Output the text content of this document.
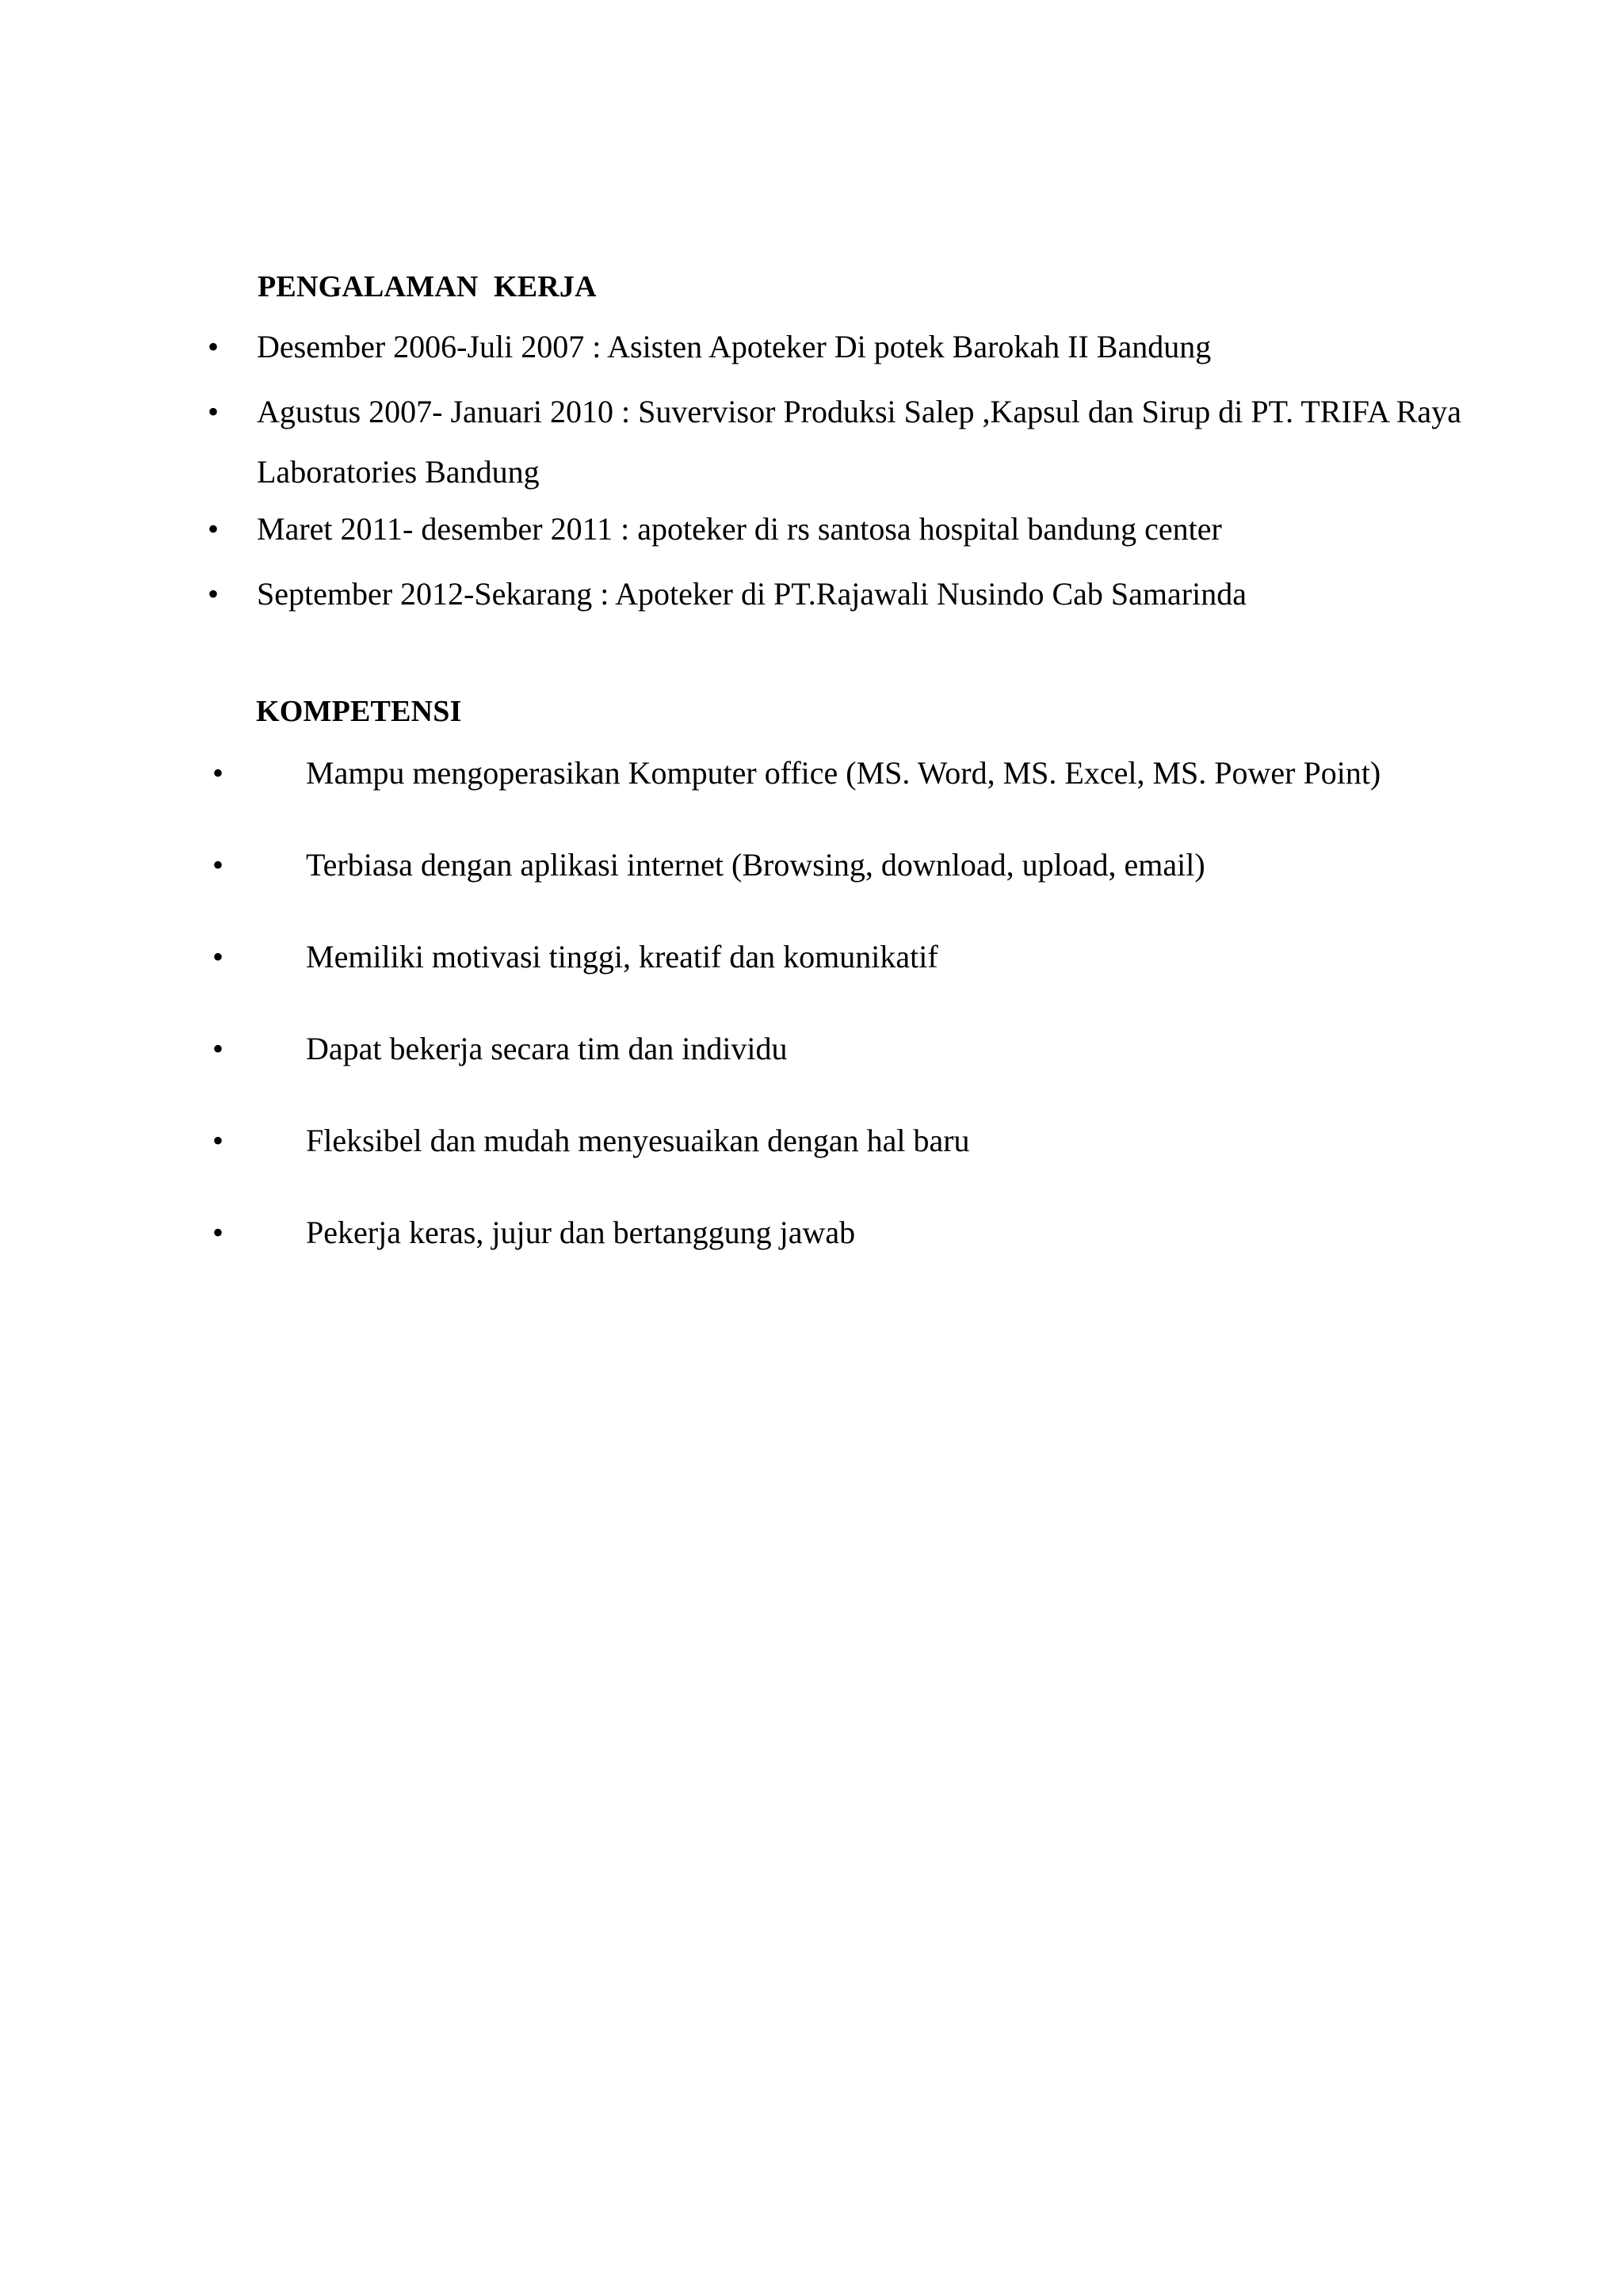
PENGALAMAN  KERJA
•	Desember 2006-Juli 2007 : Asisten Apoteker Di potek Barokah II Bandung
•	Agustus 2007- Januari 2010 : Suvervisor Produksi Salep ,Kapsul dan Sirup di PT. TRIFA Raya Laboratories Bandung
•	Maret 2011- desember 2011 : apoteker di rs santosa hospital bandung center
•	September 2012-Sekarang : Apoteker di PT.Rajawali Nusindo Cab Samarinda
KOMPETENSI
•	Mampu mengoperasikan Komputer office (MS. Word, MS. Excel, MS. Power Point)
•	Terbiasa dengan aplikasi internet (Browsing, download, upload, email)
•	Memiliki motivasi tinggi, kreatif dan komunikatif
•	Dapat bekerja secara tim dan individu
•	Fleksibel dan mudah menyesuaikan dengan hal baru
•	Pekerja keras, jujur dan bertanggung jawab
